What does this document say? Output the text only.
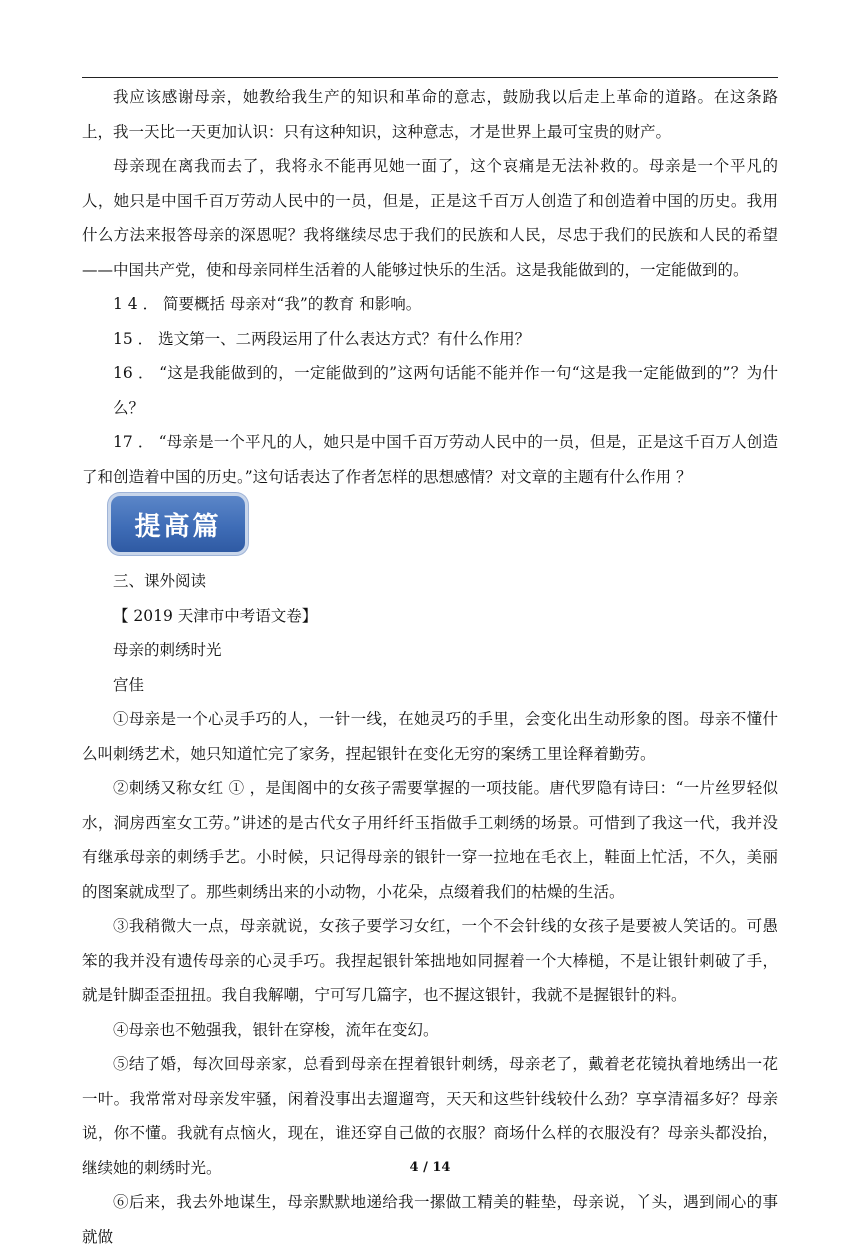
我应该感谢母亲，她教给我生产的知识和革命的意志，鼓励我以后走上革命的道路。在这条路上，我一天比一天更加认识：只有这种知识，这种意志，才是世界上最可宝贵的财产。

母亲现在离我而去了，我将永不能再见她一面了，这个哀痛是无法补救的。母亲是一个平凡的人，她只是中国千百万劳动人民中的一员，但是，正是这千百万人创造了和创造着中国的历史。我用什么方法来报答母亲的深恩呢？我将继续尽忠于我们的民族和人民，尽忠于我们的民族和人民的希望——中国共产党，使和母亲同样生活着的人能够过快乐的生活。这是我能做到的，一定能做到的。

1 4 ． 简要概括 母亲对“我”的教育 和影响。

15 ． 选文第一、二两段运用了什么表达方式？有什么作用？

16 ． “这是我能做到的，一定能做到的”这两句话能不能并作一句“这是我一定能做到的”？为什 么？

17 ． “母亲是一个平凡的人，她只是中国千百万劳动人民中的一员，但是，正是这千百万人创造了和创造着中国的历史。”这句话表达了作者怎样的思想感情？对文章的主题有什么作用 ？

提高篇

三、课外阅读

【 2019 天津市中考语文卷】

母亲的刺绣时光

宫佳

①母亲是一个心灵手巧的人，一针一线，在她灵巧的手里，会变化出生动形象的图。母亲不懂什么叫刺绣艺术，她只知道忙完了家务，捏起银针在变化无穷的案绣工里诠释着勤劳。

②刺绣又称女红 ① ，是闺阁中的女孩子需要掌握的一项技能。唐代罗隐有诗曰：“一片丝罗轻似水，洞房西室女工劳。”讲述的是古代女子用纤纤玉指做手工刺绣的场景。可惜到了我这一代，我并没有继承母亲的刺绣手艺。小时候，只记得母亲的银针一穿一拉地在毛衣上，鞋面上忙活，不久，美丽的图案就成型了。那些刺绣出来的小动物，小花朵，点缀着我们的枯燥的生活。

③我稍微大一点，母亲就说，女孩子要学习女红，一个不会针线的女孩子是要被人笑话的。可愚笨的我并没有遗传母亲的心灵手巧。我捏起银针笨拙地如同握着一个大棒槌，不是让银针刺破了手，就是针脚歪歪扭扭。我自我解嘲，宁可写几篇字，也不握这银针，我就不是握银针的料。

④母亲也不勉强我，银针在穿梭，流年在变幻。

⑤结了婚，每次回母亲家，总看到母亲在捏着银针刺绣，母亲老了，戴着老花镜执着地绣出一花一叶。我常常对母亲发牢骚，闲着没事出去遛遛弯，天天和这些针线较什么劲？享享清福多好？母亲说，你不懂。我就有点恼火，现在，谁还穿自己做的衣服？商场什么样的衣服没有？母亲头都没抬，继续她的刺绣时光。

⑥后来，我去外地谋生，母亲默默地递给我一摞做工精美的鞋垫，母亲说，丫头，遇到闹心的事就做

4 / 14
